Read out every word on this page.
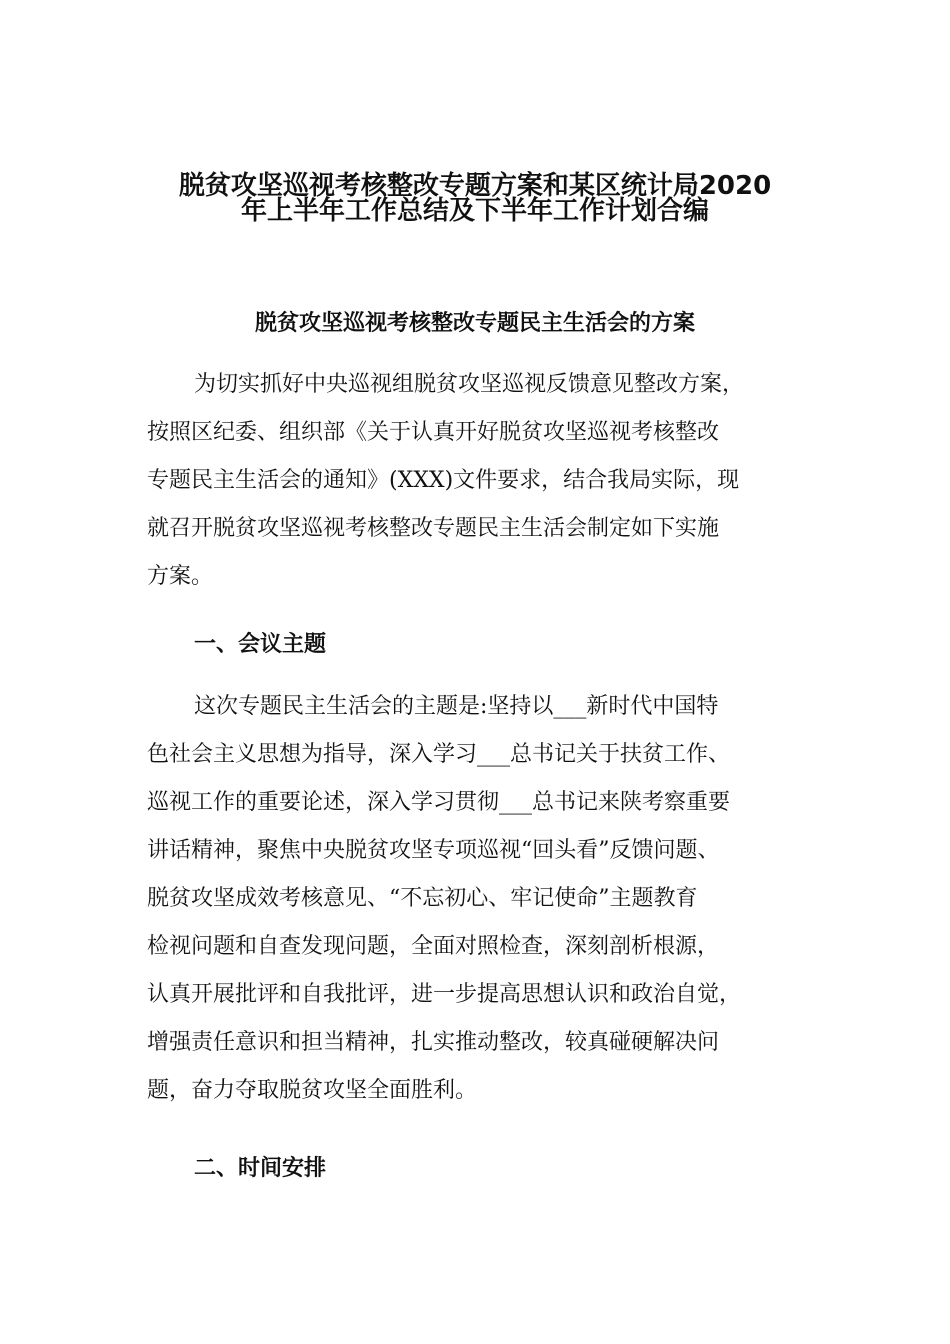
脱贫攻坚巡视考核整改专题方案和某区统计局2020
年上半年工作总结及下半年工作计划合编
脱贫攻坚巡视考核整改专题民主生活会的方案
为切实抓好中央巡视组脱贫攻坚巡视反馈意见整改方案，
按照区纪委、组织部《关于认真开好脱贫攻坚巡视考核整改
专题民主生活会的通知》(XXX)文件要求，结合我局实际，现
就召开脱贫攻坚巡视考核整改专题民主生活会制定如下实施
方案。
一、会议主题
这次专题民主生活会的主题是:坚持以___新时代中国特
色社会主义思想为指导，深入学习___总书记关于扶贫工作、
巡视工作的重要论述，深入学习贯彻___总书记来陕考察重要
讲话精神，聚焦中央脱贫攻坚专项巡视“回头看”反馈问题、
脱贫攻坚成效考核意见、“不忘初心、牢记使命”主题教育
检视问题和自查发现问题，全面对照检查，深刻剖析根源，
认真开展批评和自我批评，进一步提高思想认识和政治自觉，
增强责任意识和担当精神，扎实推动整改，较真碰硬解决问
题，奋力夺取脱贫攻坚全面胜利。
二、时间安排
